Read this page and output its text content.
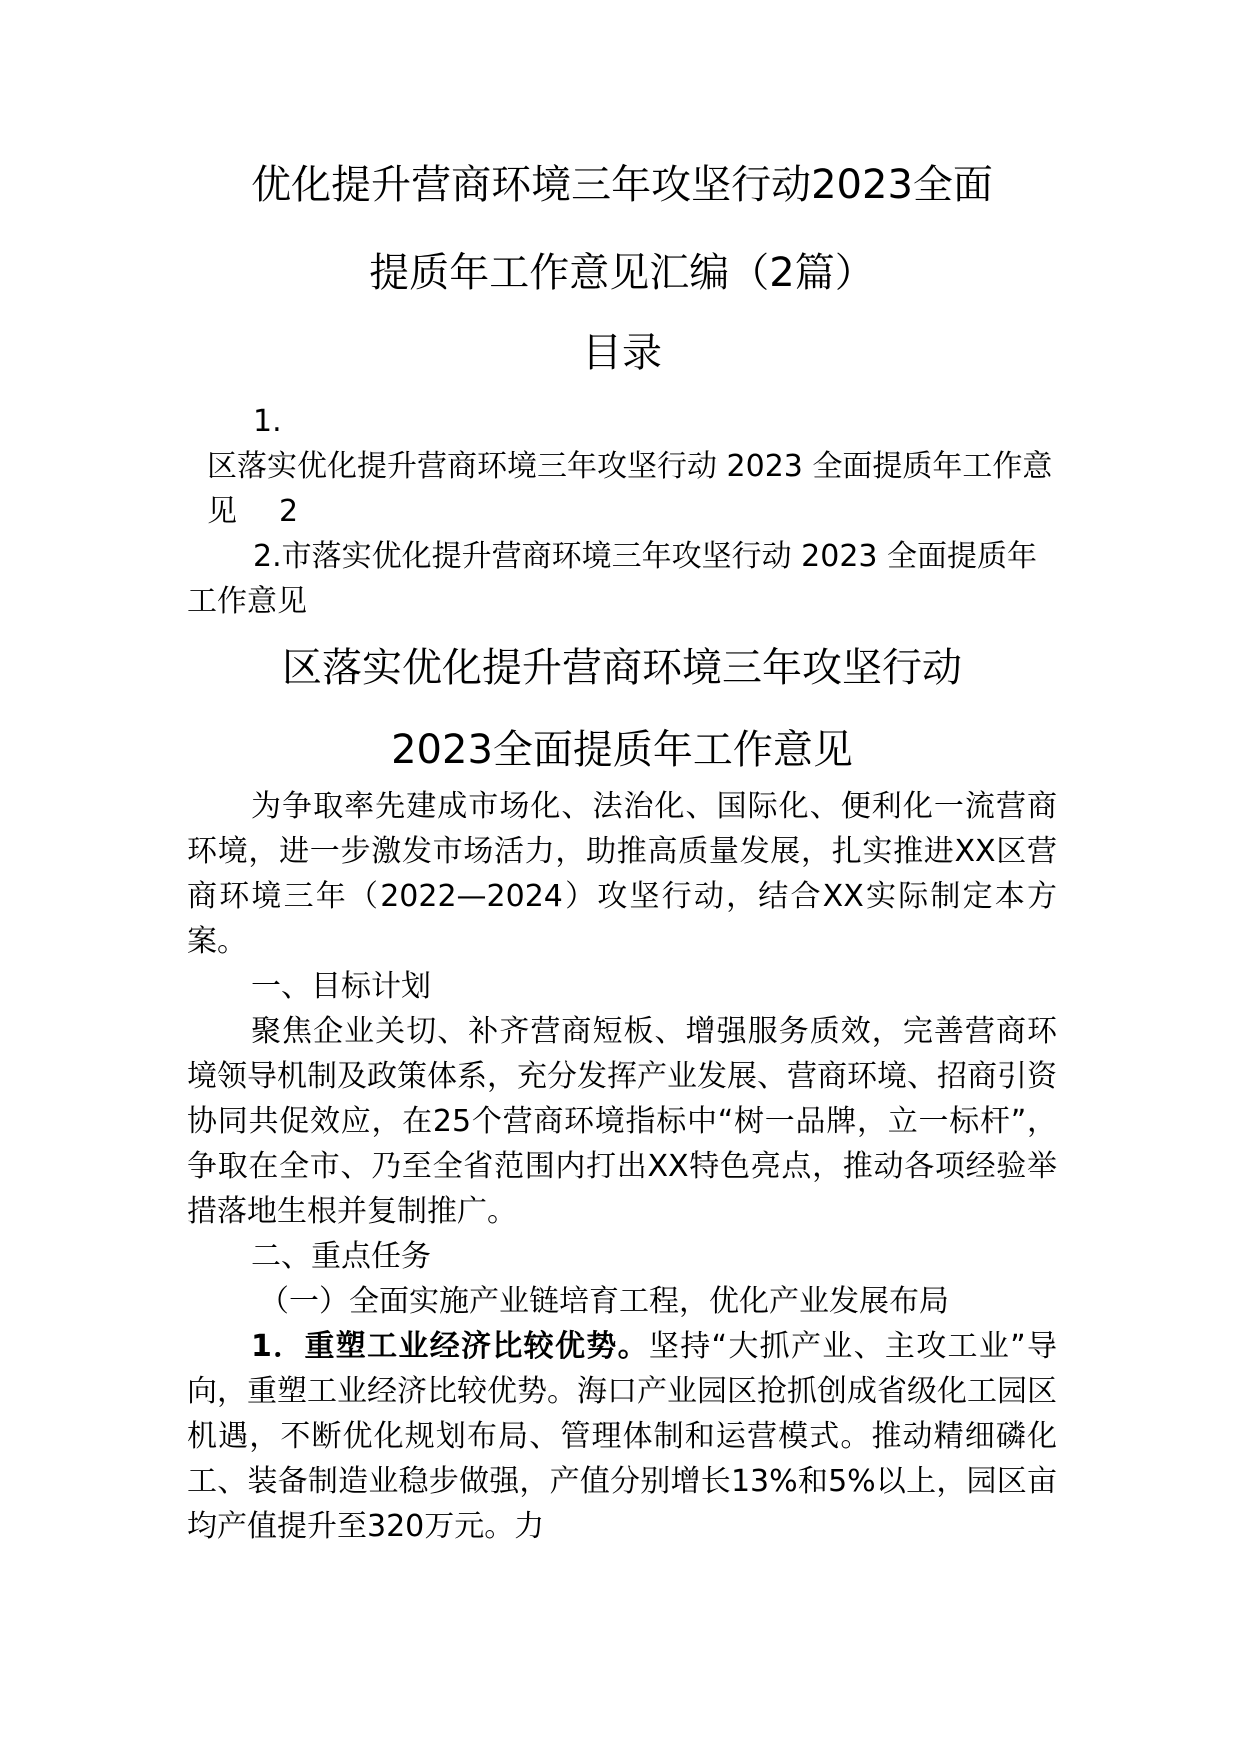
优化提升营商环境三年攻坚行动2023全面
提质年工作意见汇编（2篇）
目录
1.
区落实优化提升营商环境三年攻坚行动 2023 全面提质年工作意见 2
2.市落实优化提升营商环境三年攻坚行动 2023 全面提质年工作意见
区落实优化提升营商环境三年攻坚行动
2023全面提质年工作意见

为争取率先建成市场化、法治化、国际化、便利化一流营商环境，进一步激发市场活力，助推高质量发展，扎实推进XX区营商环境三年（2022—2024）攻坚行动，结合XX实际制定本方案。

一、目标计划

聚焦企业关切、补齐营商短板、增强服务质效，完善营商环境领导机制及政策体系，充分发挥产业发展、营商环境、招商引资协同共促效应，在25个营商环境指标中“树一品牌，立一标杆”，争取在全市、乃至全省范围内打出XX特色亮点，推动各项经验举措落地生根并复制推广。

二、重点任务

（一）全面实施产业链培育工程，优化产业发展布局

1．重塑工业经济比较优势。坚持“大抓产业、主攻工业”导向，重塑工业经济比较优势。海口产业园区抢抓创成省级化工园区机遇，不断优化规划布局、管理体制和运营模式。推动精细磷化工、装备制造业稳步做强，产值分别增长13%和5%以上，园区亩均产值提升至320万元。力
